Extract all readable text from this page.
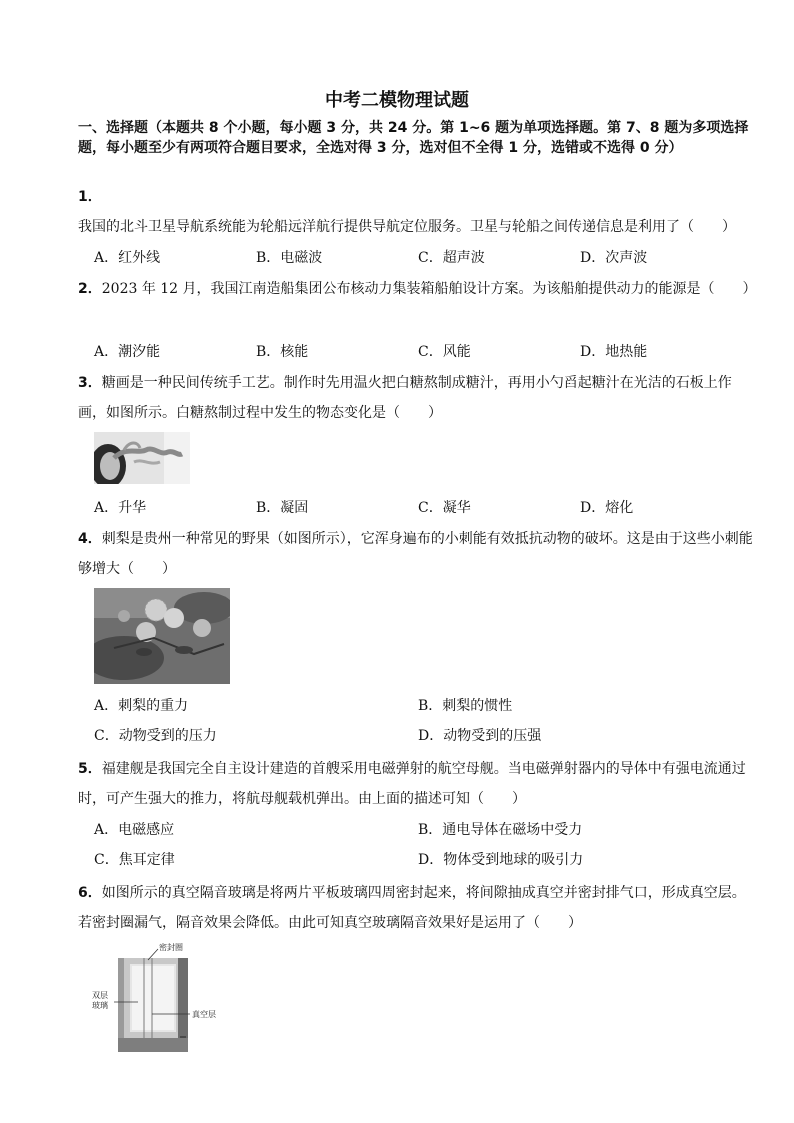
中考二模物理试题
一、选择题（本题共 8 个小题，每小题 3 分，共 24 分。第 1~6 题为单项选择题。第 7、8 题为多项选择题，每小题至少有两项符合题目要求，全选对得 3 分，选对但不全得 1 分，选错或不选得 0 分）
1．我国的北斗卫星导航系统能为轮船远洋航行提供导航定位服务。卫星与轮船之间传递信息是利用了（　　）
A．红外线	B．电磁波	C．超声波	D．次声波
2．2023 年 12 月，我国江南造船集团公布核动力集装箱船舶设计方案。为该船舶提供动力的能源是（　　）
A．潮汐能	B．核能	C．风能	D．地热能
3．糖画是一种民间传统手工艺。制作时先用温火把白糖熬制成糖汁，再用小勺舀起糖汁在光洁的石板上作画，如图所示。白糖熬制过程中发生的物态变化是（　　）
A．升华	B．凝固	C．凝华	D．熔化
4．刺梨是贵州一种常见的野果（如图所示），它浑身遍布的小刺能有效抵抗动物的破坏。这是由于这些小刺能够增大（　　）
A．刺梨的重力	B．刺梨的惯性
C．动物受到的压力	D．动物受到的压强
5．福建舰是我国完全自主设计建造的首艘采用电磁弹射的航空母舰。当电磁弹射器内的导体中有强电流通过时，可产生强大的推力，将航母舰载机弹出。由上面的描述可知（　　）
A．电磁感应	B．通电导体在磁场中受力
C．焦耳定律	D．物体受到地球的吸引力
6．如图所示的真空隔音玻璃是将两片平板玻璃四周密封起来，将间隙抽成真空并密封排气口，形成真空层。若密封圈漏气，隔音效果会降低。由此可知真空玻璃隔音效果好是运用了（　　）
密封圈
双层
玻璃
真空层
